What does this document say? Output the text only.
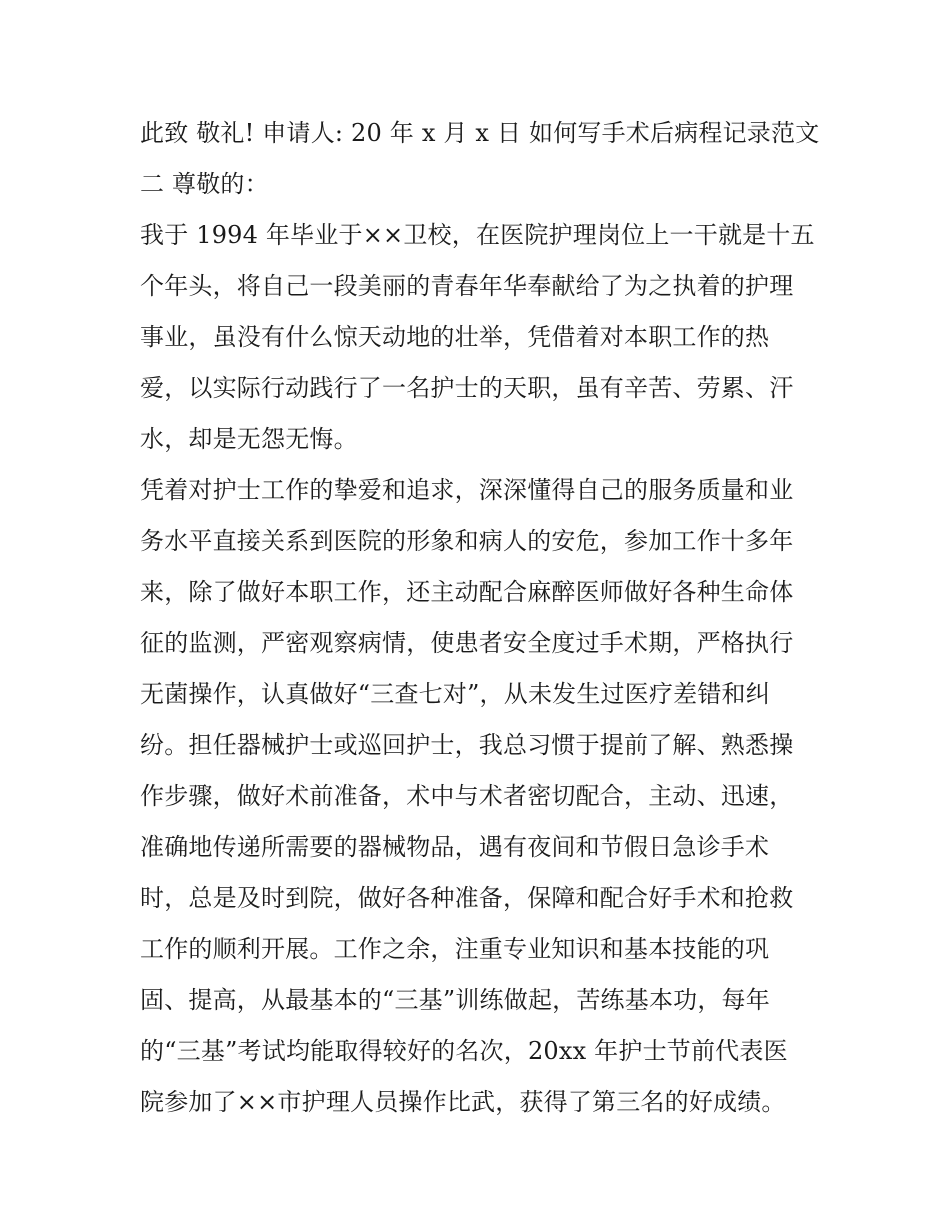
此致 敬礼! 申请人: 20 年 x 月 x 日 如何写手术后病程记录范文
二 尊敬的：
我于 1994 年毕业于××卫校，在医院护理岗位上一干就是十五
个年头，将自己一段美丽的青春年华奉献给了为之执着的护理
事业，虽没有什么惊天动地的壮举，凭借着对本职工作的热
爱，以实际行动践行了一名护士的天职，虽有辛苦、劳累、汗
水，却是无怨无悔。
凭着对护士工作的挚爱和追求，深深懂得自己的服务质量和业
务水平直接关系到医院的形象和病人的安危，参加工作十多年
来，除了做好本职工作，还主动配合麻醉医师做好各种生命体
征的监测，严密观察病情，使患者安全度过手术期，严格执行
无菌操作，认真做好“三查七对”，从未发生过医疗差错和纠
纷。担任器械护士或巡回护士，我总习惯于提前了解、熟悉操
作步骤，做好术前准备，术中与术者密切配合，主动、迅速，
准确地传递所需要的器械物品，遇有夜间和节假日急诊手术
时，总是及时到院，做好各种准备，保障和配合好手术和抢救
工作的顺利开展。工作之余，注重专业知识和基本技能的巩
固、提高，从最基本的“三基”训练做起，苦练基本功，每年
的“三基”考试均能取得较好的名次，20xx 年护士节前代表医
院参加了××市护理人员操作比武，获得了第三名的好成绩。
